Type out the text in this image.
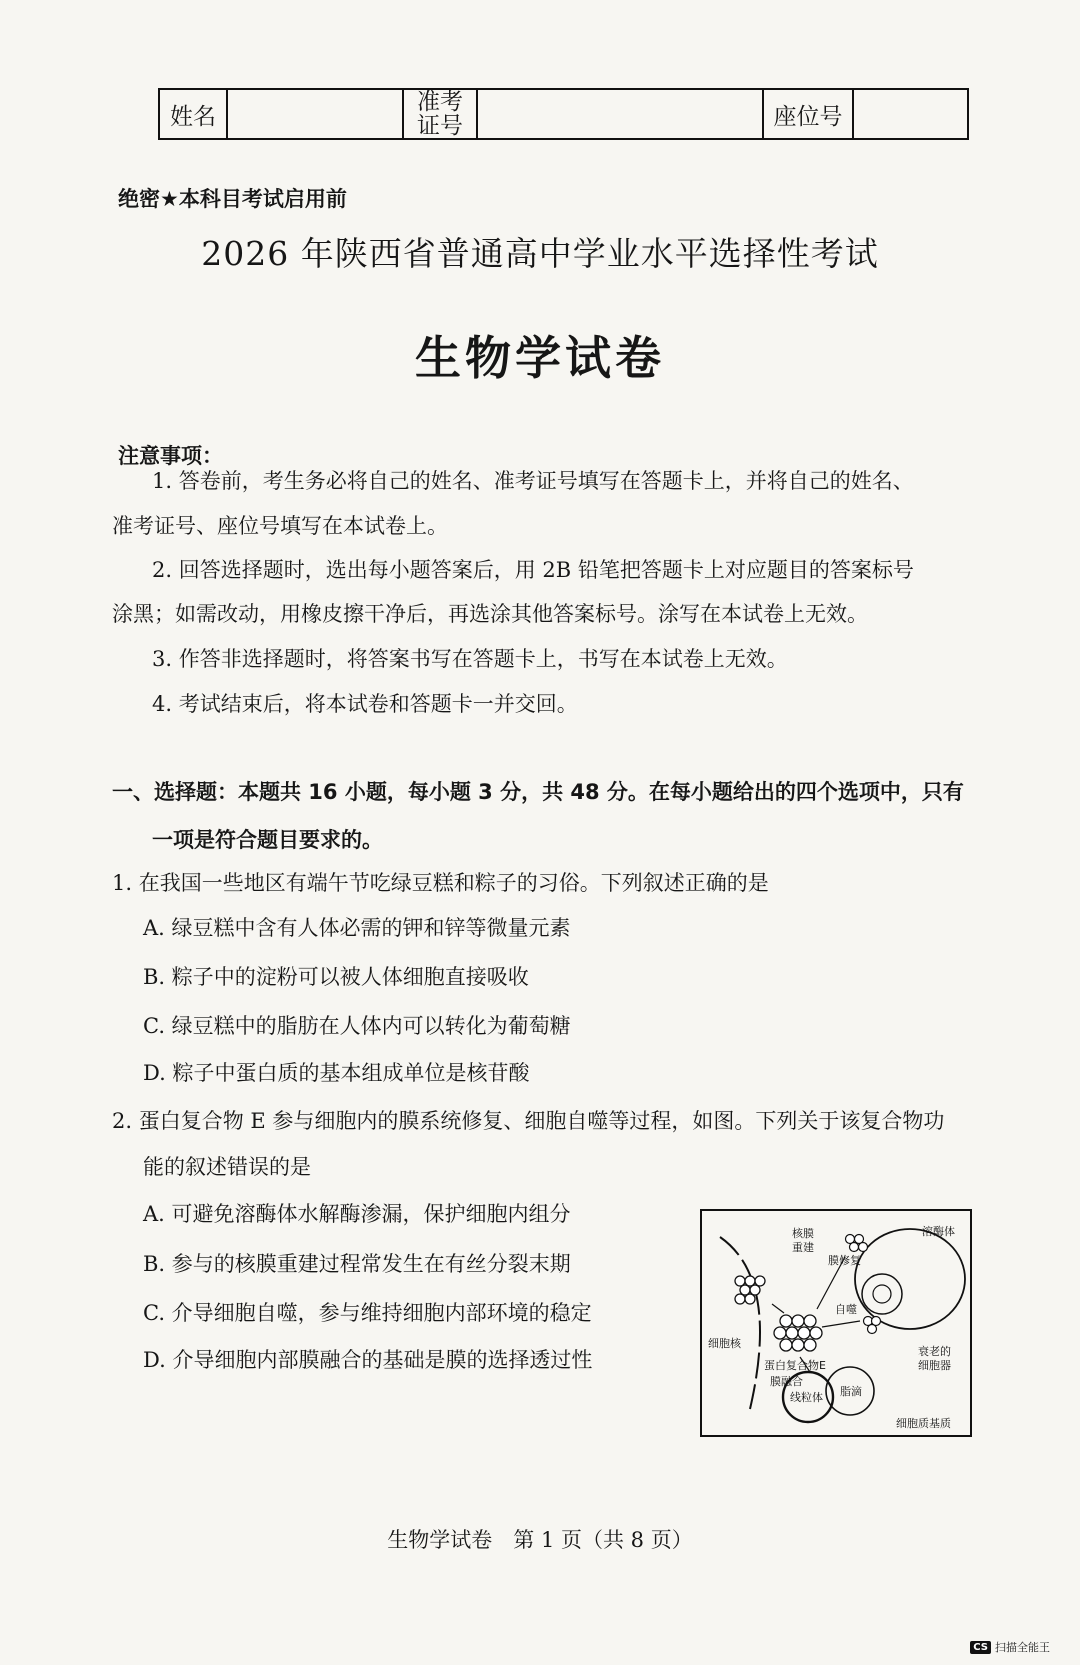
姓名
准考
证号	座位号
绝密★本科目考试启用前
2026 年陕西省普通高中学业水平选择性考试
生物学试卷
注意事项：
1. 答卷前，考生务必将自己的姓名、准考证号填写在答题卡上，并将自己的姓名、
准考证号、座位号填写在本试卷上。
2. 回答选择题时，选出每小题答案后，用 2B 铅笔把答题卡上对应题目的答案标号
涂黑；如需改动，用橡皮擦干净后，再选涂其他答案标号。涂写在本试卷上无效。
3. 作答非选择题时，将答案书写在答题卡上，书写在本试卷上无效。
4. 考试结束后，将本试卷和答题卡一并交回。
一、选择题：本题共 16 小题，每小题 3 分，共 48 分。在每小题给出的四个选项中，只有
一项是符合题目要求的。
1. 在我国一些地区有端午节吃绿豆糕和粽子的习俗。下列叙述正确的是
A. 绿豆糕中含有人体必需的钾和锌等微量元素
B. 粽子中的淀粉可以被人体细胞直接吸收
C. 绿豆糕中的脂肪在人体内可以转化为葡萄糖
D. 粽子中蛋白质的基本组成单位是核苷酸
2. 蛋白复合物 E 参与细胞内的膜系统修复、细胞自噬等过程，如图。下列关于该复合物功
能的叙述错误的是
A. 可避免溶酶体水解酶渗漏，保护细胞内组分
B. 参与的核膜重建过程常发生在有丝分裂末期
C. 介导细胞自噬，参与维持细胞内部环境的稳定
D. 介导细胞内部膜融合的基础是膜的选择透过性
核膜
重建
膜修复
溶酶体
细胞核
自噬
蛋白复合物E
衰老的
细胞器
膜融合
线粒体 脂滴
细胞质基质
生物学试卷　第 1 页（共 8 页）
CS 扫描全能王
